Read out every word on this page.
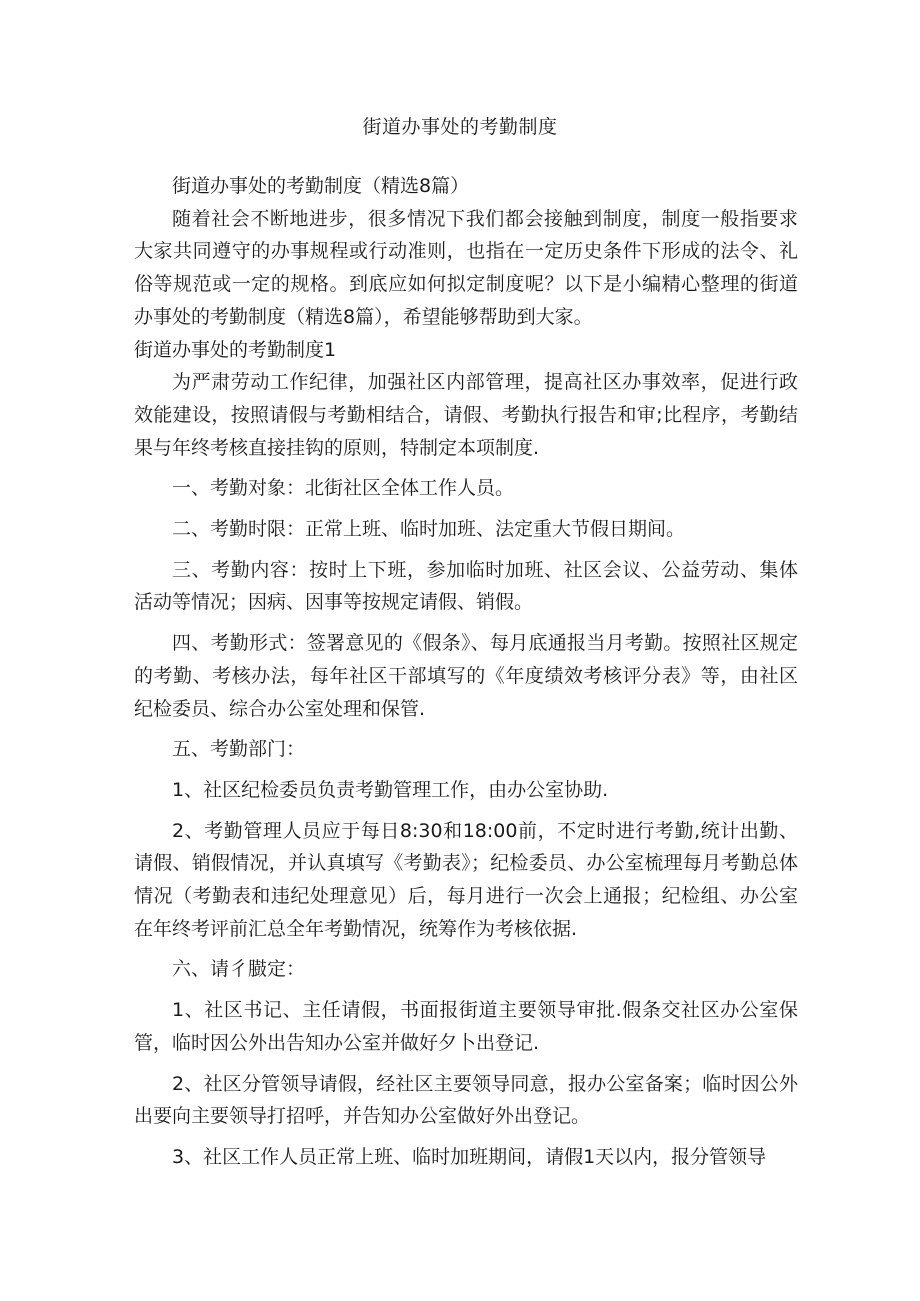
街道办事处的考勤制度

街道办事处的考勤制度（精选8篇）

随着社会不断地进步，很多情况下我们都会接触到制度，制度一般指要求大家共同遵守的办事规程或行动准则，也指在一定历史条件下形成的法令、礼俗等规范或一定的规格。到底应如何拟定制度呢？以下是小编精心整理的街道办事处的考勤制度（精选8篇），希望能够帮助到大家。

街道办事处的考勤制度1

为严肃劳动工作纪律，加强社区内部管理，提高社区办事效率，促进行政效能建设，按照请假与考勤相结合，请假、考勤执行报告和审;比程序，考勤结果与年终考核直接挂钩的原则，特制定本项制度.

一、考勤对象：北街社区全体工作人员。

二、考勤时限：正常上班、临时加班、法定重大节假日期间。

三、考勤内容：按时上下班，参加临时加班、社区会议、公益劳动、集体活动等情况；因病、因事等按规定请假、销假。

四、考勤形式：签署意见的《假条》、每月底通报当月考勤。按照社区规定的考勤、考核办法，每年社区干部填写的《年度绩效考核评分表》等，由社区纪检委员、综合办公室处理和保管.

五、考勤部门：

1、社区纪检委员负责考勤管理工作，由办公室协助.

2、考勤管理人员应于每日8:30和18:00前，不定时进行考勤,统计出勤、请假、销假情况，并认真填写《考勤表》；纪检委员、办公室梳理每月考勤总体情况（考勤表和违纪处理意见）后，每月进行一次会上通报；纪检组、办公室在年终考评前汇总全年考勤情况，统筹作为考核依据.

六、请彳臌定：

1、社区书记、主任请假，书面报街道主要领导审批.假条交社区办公室保管，临时因公外出告知办公室并做好夕卜出登记.

2、社区分管领导请假，经社区主要领导同意，报办公室备案；临时因公外出要向主要领导打招呼，并告知办公室做好外出登记。

3、社区工作人员正常上班、临时加班期间，请假1天以内，报分管领导
